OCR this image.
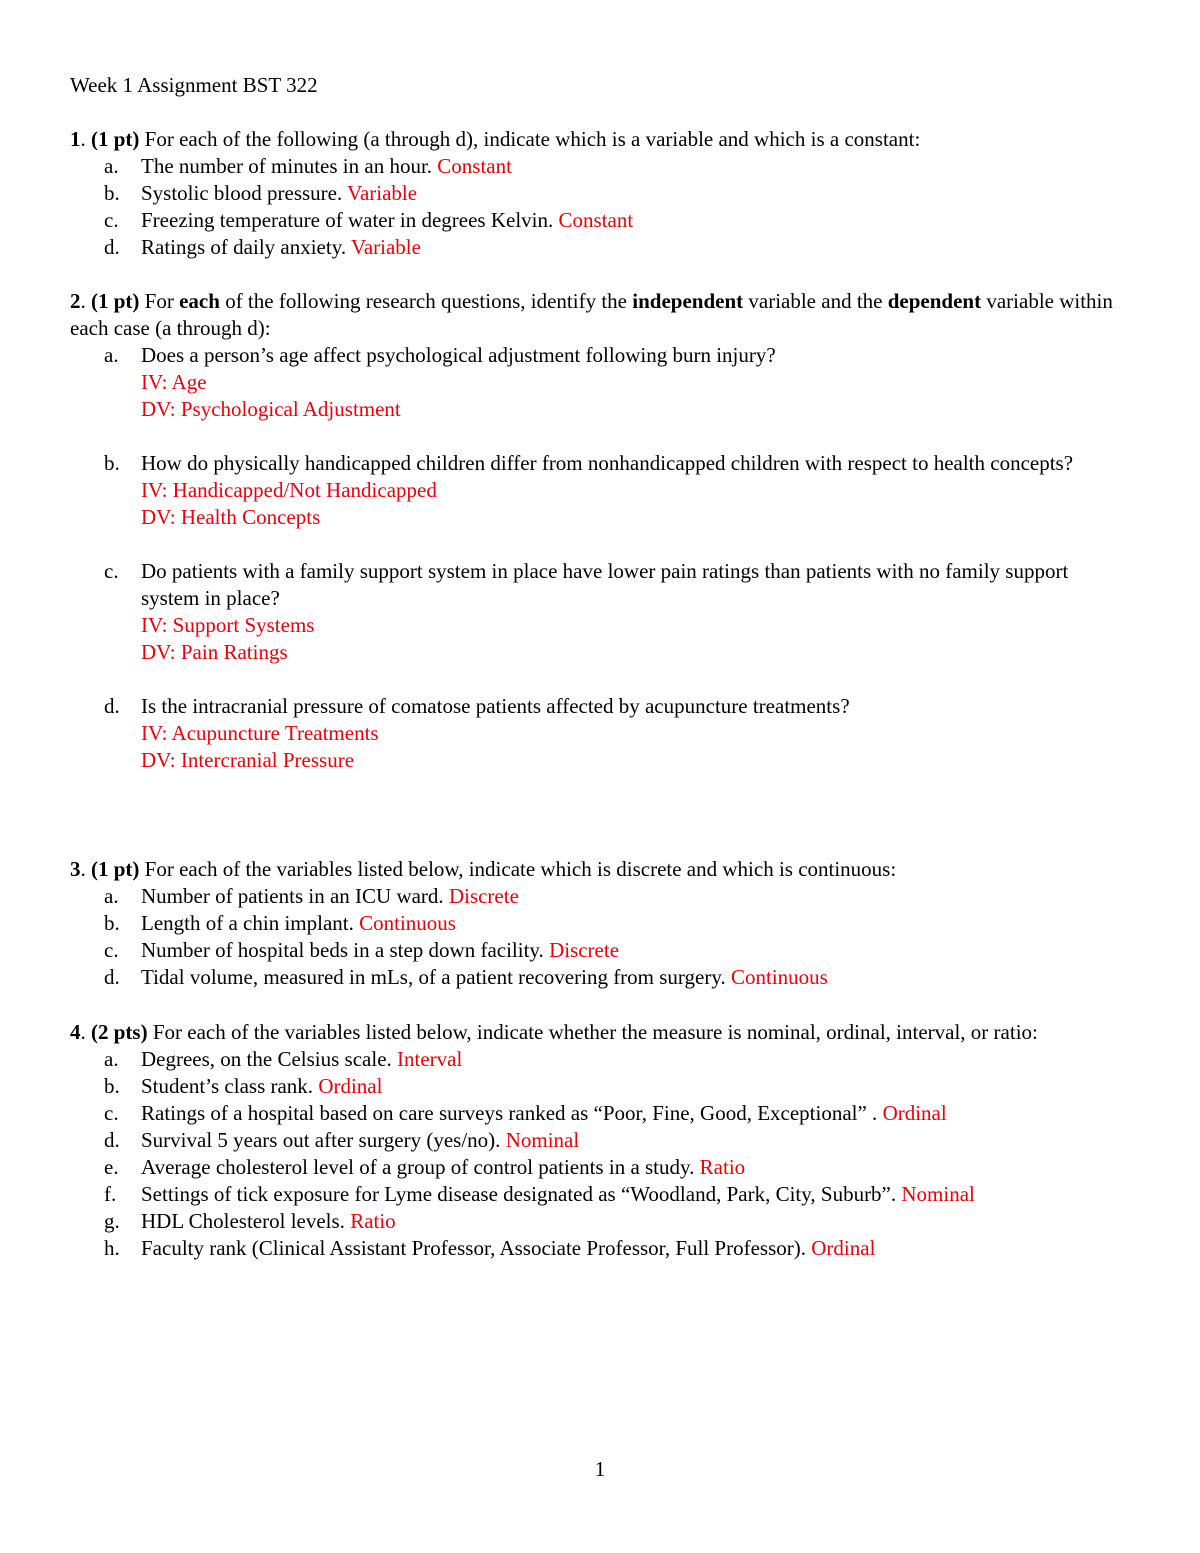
Week 1 Assignment BST 322

1. (1 pt) For each of the following (a through d), indicate which is a variable and which is a constant:

a. The number of minutes in an hour. Constant
b. Systolic blood pressure. Variable
c. Freezing temperature of water in degrees Kelvin. Constant
d. Ratings of daily anxiety. Variable

2. (1 pt) For each of the following research questions, identify the independent variable and the dependent variable within each case (a through d):

a. Does a person’s age affect psychological adjustment following burn injury?
IV: Age
DV: Psychological Adjustment
b. How do physically handicapped children differ from nonhandicapped children with respect to health concepts?
IV: Handicapped/Not Handicapped
DV: Health Concepts
c. Do patients with a family support system in place have lower pain ratings than patients with no family support system in place?
IV: Support Systems
DV: Pain Ratings
d. Is the intracranial pressure of comatose patients affected by acupuncture treatments?
IV: Acupuncture Treatments
DV: Intercranial Pressure

3. (1 pt) For each of the variables listed below, indicate which is discrete and which is continuous:

a. Number of patients in an ICU ward. Discrete
b. Length of a chin implant. Continuous
c. Number of hospital beds in a step down facility. Discrete
d. Tidal volume, measured in mLs, of a patient recovering from surgery. Continuous

4. (2 pts) For each of the variables listed below, indicate whether the measure is nominal, ordinal, interval, or ratio:

a. Degrees, on the Celsius scale. Interval
b. Student’s class rank. Ordinal
c. Ratings of a hospital based on care surveys ranked as “Poor, Fine, Good, Exceptional” . Ordinal
d. Survival 5 years out after surgery (yes/no). Nominal
e. Average cholesterol level of a group of control patients in a study. Ratio
f. Settings of tick exposure for Lyme disease designated as “Woodland, Park, City, Suburb”. Nominal
g. HDL Cholesterol levels. Ratio
h. Faculty rank (Clinical Assistant Professor, Associate Professor, Full Professor). Ordinal
1
